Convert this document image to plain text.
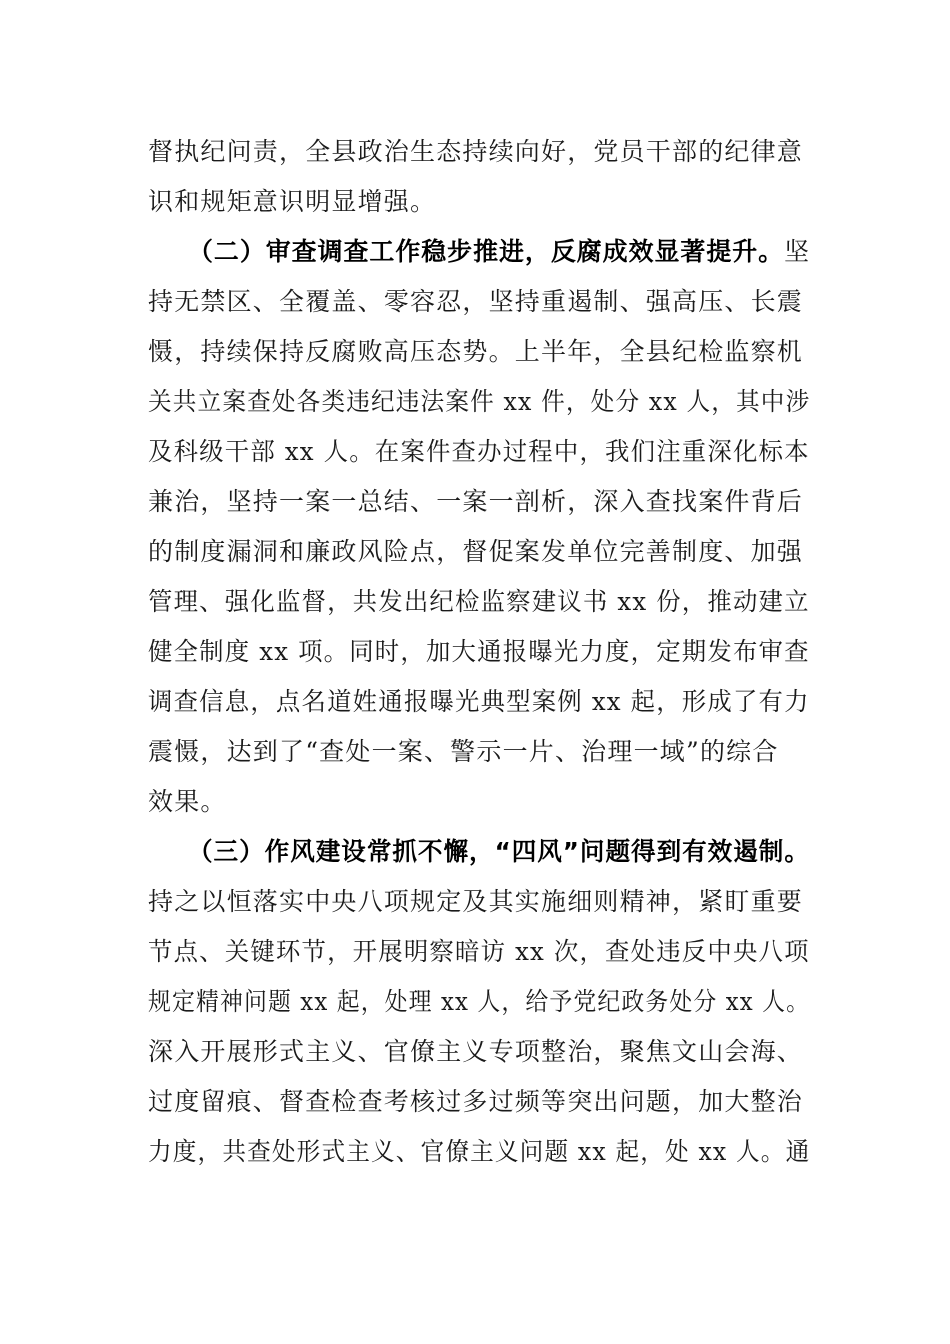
督执纪问责，全县政治生态持续向好，党员干部的纪律意
识和规矩意识明显增强。
（二）审查调查工作稳步推进，反腐成效显著提升。坚
持无禁区、全覆盖、零容忍，坚持重遏制、强高压、长震
慑，持续保持反腐败高压态势。上半年，全县纪检监察机
关共立案查处各类违纪违法案件 xx 件，处分 xx 人，其中涉
及科级干部 xx 人。在案件查办过程中，我们注重深化标本
兼治，坚持一案一总结、一案一剖析，深入查找案件背后
的制度漏洞和廉政风险点，督促案发单位完善制度、加强
管理、强化监督，共发出纪检监察建议书 xx 份，推动建立
健全制度 xx 项。同时，加大通报曝光力度，定期发布审查
调查信息，点名道姓通报曝光典型案例 xx 起，形成了有力
震慑，达到了“查处一案、警示一片、治理一域”的综合
效果。
（三）作风建设常抓不懈，“四风”问题得到有效遏制。
持之以恒落实中央八项规定及其实施细则精神，紧盯重要
节点、关键环节，开展明察暗访 xx 次，查处违反中央八项
规定精神问题 xx 起，处理 xx 人，给予党纪政务处分 xx 人。
深入开展形式主义、官僚主义专项整治，聚焦文山会海、
过度留痕、督查检查考核过多过频等突出问题，加大整治
力度，共查处形式主义、官僚主义问题 xx 起，处 xx 人。通
